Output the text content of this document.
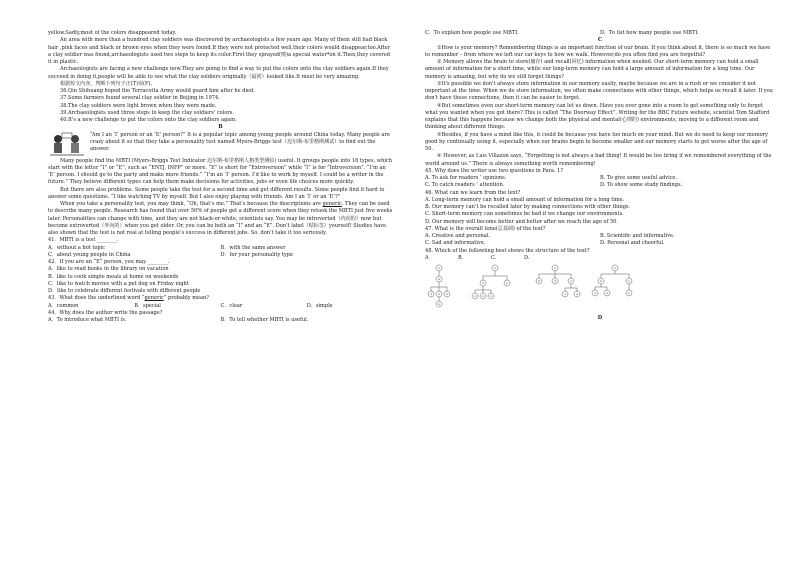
yellow.Sadly,most of the colors disappeared today.

An area with more than a hundred clay soldiers was discovered by archaeologists a few years ago. Many of them still had black hair ,pink faces and black or brown eyes when they were found.If they were not protected well,their colors would disappear,too.After a clay soldier was found,archaeologists used two steps to keep its color.First they sprayed(喷)a special water*on it.Then,they covered it in plastic.

Archaeologists are facing a new challenge now.They are going to find a way to put the colors onto the clay soldiers again.If they succeed in doing it,people will be able to see what the clay soldiers originally（最初）looked like.It must be very amazing.

根据短文内容，判断下列句子正(T)误(F)。

36.Qin Shihuang hoped the Terracotta Army would guard him after he died.

37.Some farmers found several clay soldier in Beijing in 1974.

38.The clay soldiers were light brown when they were made.

39.Archaeologists used three steps to keep the clay soldiers' colors.

40.It's a new challenge to put the colors onto the clay soldiers again.

B

“Am I an ‘I’ person or an ‘E’ person?” It is a popular topic among young people around China today. Many people are crazy about it so that they take a personality test named Myers-Briggs test（迈尔斯-布里格斯测试）to find out the answer.

Many people find the MBTI (Myers-Briggs Test Indicator 迈尔斯-布里格斯人格类型测验) useful. It groups people into 16 types, which start with the letter “I” or “E”, such as “ENTJ, INFP” or more. “E” is short for “Extroversion” while “I” is for “Introversion”. “I’m an ‘E’ person. I should go to the party and make more friends.” “I’m an ‘I’ person. I’d like to work by myself. I could be a writer in the future.” They believe different types can help them make decisions for activities, jobs or even life choices more quickly.

But there are also problems. Some people take the test for a second time and get different results. Some people find it hard to answer some questions. “I like watching TV by myself. But I also enjoy playing with friends. Am I an ‘I’ or an ‘E’?”

When you take a personality test, you may think, “Oh, that’s me.” That’s because the descriptions are generic. They can be used to describe many people. Research has found that over 50% of people get a different score when they retook the MBTI just five weeks later. Personalities can change with time, and they are not black-or-white, scientists say. You may be introverted（内向的）now but become extroverted（外向的）when you get older. Or, you can be both an “I” and an “E”. Don’t label（贴标签）yourself! Studies have also shown that the test is not real at telling people’s success in different jobs. So, don’t take it too seriously.

41．MBTI is a test ________.

A．without a hot topic	B．with the same answer
C．about young people in China	D．for your personality type

42．If you are an “E” person, you may ________.

A．like to read books in the library on vacation

B．like to cook simple meals at home on weekends

C．like to watch movies with a pet dog on Friday night

D．like to celebrate different festivals with different people

43．What does the underlined word “generic” probably mean?

A．common	B．special	C．clear	D．simple

44．Why does the author write the passage?

A．To introduce what MBTI is.	B．To tell whether MBTI is useful.
C．To explain how people use MBTI.	D．To list how many people use MBTI.

C

①How is your memory? Remembering things is an important function of our brain. If you think about it, there is so much we have to remember – from where we left our car keys to how we walk. However,do you often find you are forgetful?

② Memory allows the brain to store(储存) and recall(回忆) information when needed. Our short-term memory can hold a small amount of information for a short time, while our long-term memory can hold a large amount of information for a long time. Our memory is amazing, but why do we still forget things?

③It's possible we don't always store information in our memory easily, maybe because we are in a rush or we consider it not important at the time. When we do store information, we often make connections with other things, which helps us recall it later. If you don't have these connections, then it can be easier to forget.

④But sometimes even our short-term memory can let us down. Have you ever gone into a room to get something only to forget what you wanted when you got there? This is called “The Doorway Effect”. Writing for the BBC Future website, scientist Tom Stafford explains that this happens because we change both the physical and mental(心理的) environments, moving to a different room and thinking about different things.

⑤Besides, if you have a mind like this, it could be because you have too much on your mind. But we do need to keep our memory good by continually using it, especially when our brains begin to become smaller and our memory starts to get worse after the age of 50.

⑥ However, as Luis Villazon says, “Forgetting is not always a bad thing! It would be too tiring if we remembered everything of the world around us.” There is always something worth remembering!

45. Why does the writer use two questions in Para. 1?

A. To ask for readers ’ opinions.	B. To give some useful advice.
C. To catch readers ’ attention.	D. To show some study findings.

46. What can we learn from the text?

A. Long-term memory can hold a small amount of information for a long time.

B. Our memory can’t be recalled later by making connections with other things.

C. Short-term memory can sometimes be bad if we change our environments.

D. Our memory will become better and better after we reach the age of 50.

47. What is the overall tone(总基调) of the text?

A. Creative and personal.	B. Scientific and informative.
C. Sad and informative.	D. Personal and cheerful.

48. Which of the followiing best shows the structure of the text?

A	B.	C.	D.
①
②
③ ④ ⑤
⑥
①
②	⑥
③ ④ ⑤
①
②	③	④
⑤	⑥
①
②	⑤
③	④	⑥

D
